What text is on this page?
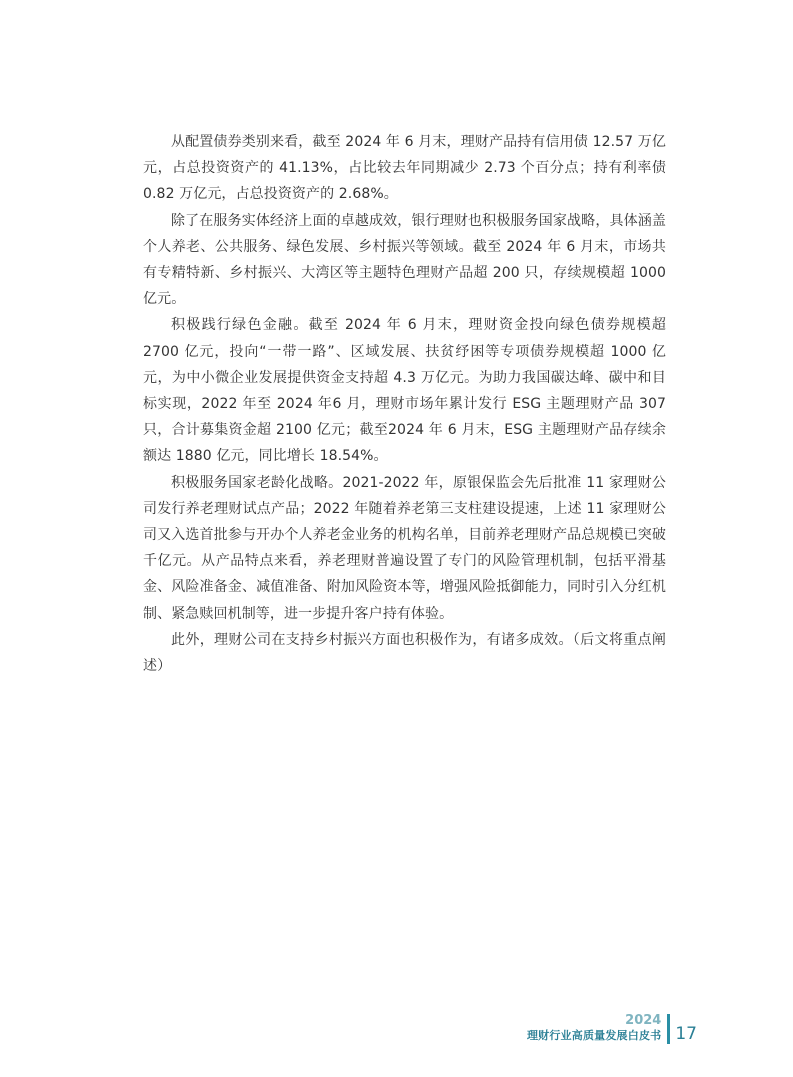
从配置债券类别来看，截至 2024 年 6 月末，理财产品持有信用债 12.57 万亿元，占总投资资产的 41.13%，占比较去年同期减少 2.73 个百分点；持有利率债 0.82 万亿元，占总投资资产的 2.68%。

除了在服务实体经济上面的卓越成效，银行理财也积极服务国家战略，具体涵盖个人养老、公共服务、绿色发展、乡村振兴等领域。截至 2024 年 6 月末，市场共有专精特新、乡村振兴、大湾区等主题特色理财产品超 200 只，存续规模超 1000 亿元。

积极践行绿色金融。截至 2024 年 6 月末，理财资金投向绿色债券规模超 2700 亿元，投向“一带一路”、区域发展、扶贫纾困等专项债券规模超 1000 亿元，为中小微企业发展提供资金支持超 4.3 万亿元。为助力我国碳达峰、碳中和目标实现，2022 年至 2024 年6 月，理财市场年累计发行 ESG 主题理财产品 307 只，合计募集资金超 2100 亿元；截至2024 年 6 月末，ESG 主题理财产品存续余额达 1880 亿元，同比增长 18.54%。

积极服务国家老龄化战略。2021-2022 年，原银保监会先后批准 11 家理财公司发行养老理财试点产品；2022 年随着养老第三支柱建设提速，上述 11 家理财公司又入选首批参与开办个人养老金业务的机构名单，目前养老理财产品总规模已突破千亿元。从产品特点来看，养老理财普遍设置了专门的风险管理机制，包括平滑基金、风险准备金、减值准备、附加风险资本等，增强风险抵御能力，同时引入分红机制、紧急赎回机制等，进一步提升客户持有体验。

此外，理财公司在支持乡村振兴方面也积极作为，有诸多成效。（后文将重点阐述）

2024
理财行业高质量发展白皮书 17
